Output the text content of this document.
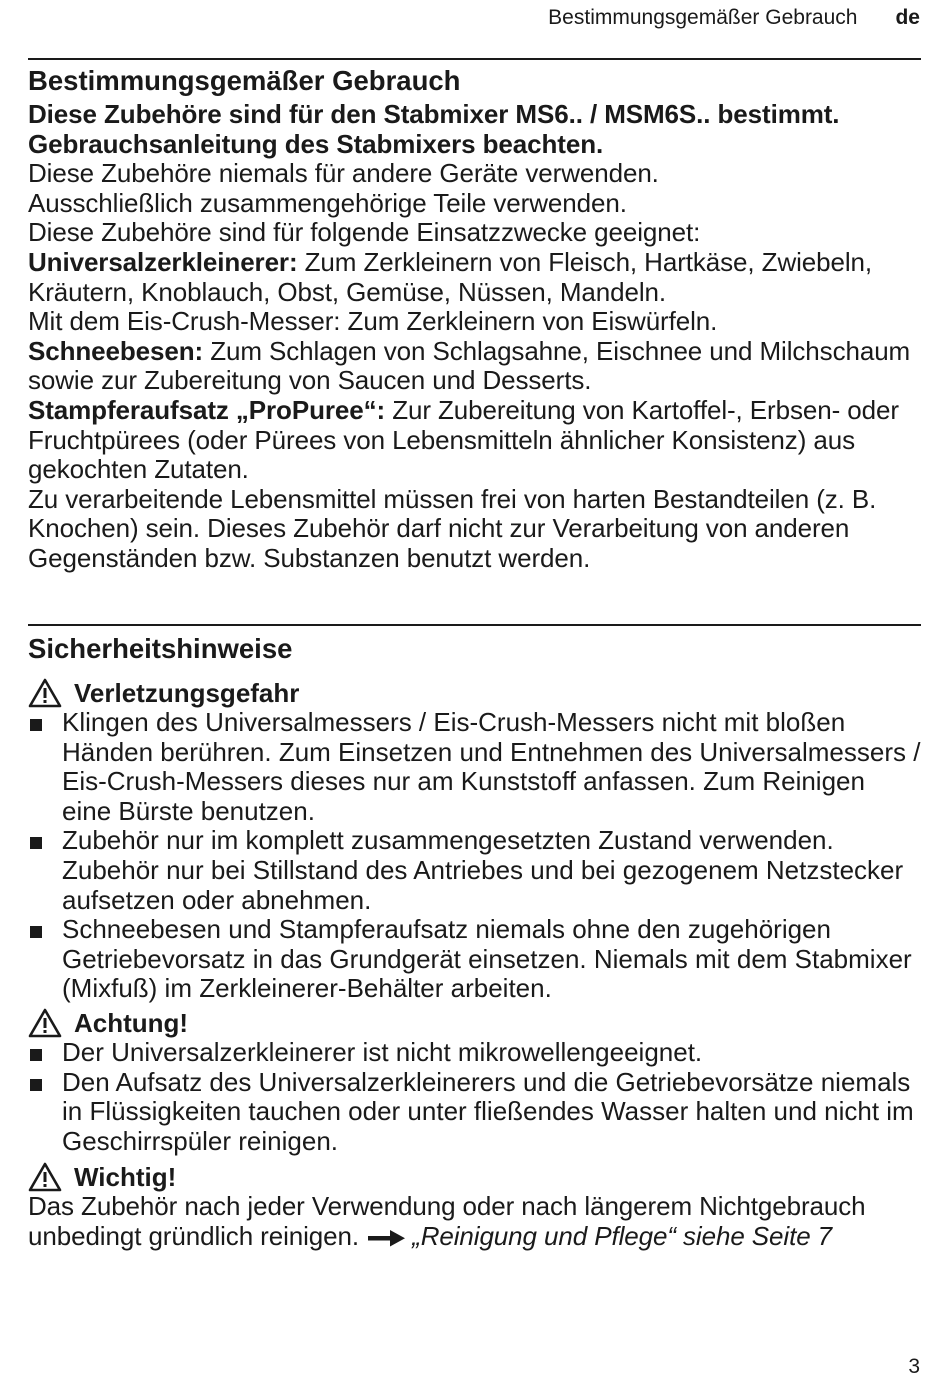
Bestimmungsgemäßer Gebrauch de
Bestimmungsgemäßer Gebrauch

Diese Zubehöre sind für den Stabmixer MS6.. / MSM6S.. bestimmt. Gebrauchsanleitung des Stabmixers beachten.

Diese Zubehöre niemals für andere Geräte verwenden.

Ausschließlich zusammengehörige Teile verwenden.

Diese Zubehöre sind für folgende Einsatzzwecke geeignet:

Universalzerkleinerer: Zum Zerkleinern von Fleisch, Hartkäse, Zwiebeln, Kräutern, Knoblauch, Obst, Gemüse, Nüssen, Mandeln.

Mit dem Eis-Crush-Messer: Zum Zerkleinern von Eiswürfeln.

Schneebesen: Zum Schlagen von Schlagsahne, Eischnee und Milchschaum sowie zur Zubereitung von Saucen und Desserts.

Stampferaufsatz „ProPuree“: Zur Zubereitung von Kartoffel-, Erbsen- oder Fruchtpürees (oder Pürees von Lebensmitteln ähnlicher Konsistenz) aus gekochten Zutaten.

Zu verarbeitende Lebensmittel müssen frei von harten Bestandteilen (z. B. Knochen) sein. Dieses Zubehör darf nicht zur Verarbeitung von anderen Gegenständen bzw. Substanzen benutzt werden.

Sicherheitshinweise
Verletzungsgefahr
Klingen des Universalmessers / Eis-Crush-Messers nicht mit bloßen Händen berühren. Zum Einsetzen und Entnehmen des Universalmessers / Eis-Crush-Messers dieses nur am Kunststoff anfassen. Zum Reinigen eine Bürste benutzen.
Zubehör nur im komplett zusammengesetzten Zustand verwenden. Zubehör nur bei Stillstand des Antriebes und bei gezogenem Netzstecker aufsetzen oder abnehmen.
Schneebesen und Stampferaufsatz niemals ohne den zugehörigen Getriebevorsatz in das Grundgerät einsetzen. Niemals mit dem Stabmixer (Mixfuß) im Zerkleinerer-Behälter arbeiten.
Achtung!
Der Universalzerkleinerer ist nicht mikrowellengeeignet.
Den Aufsatz des Universalzerkleinerers und die Getriebevorsätze niemals in Flüssigkeiten tauchen oder unter fließendes Wasser halten und nicht im Geschirrspüler reinigen.
Wichtig!
Das Zubehör nach jeder Verwendung oder nach längerem Nichtgebrauch unbedingt gründlich reinigen. „Reinigung und Pflege“ siehe Seite 7
3
